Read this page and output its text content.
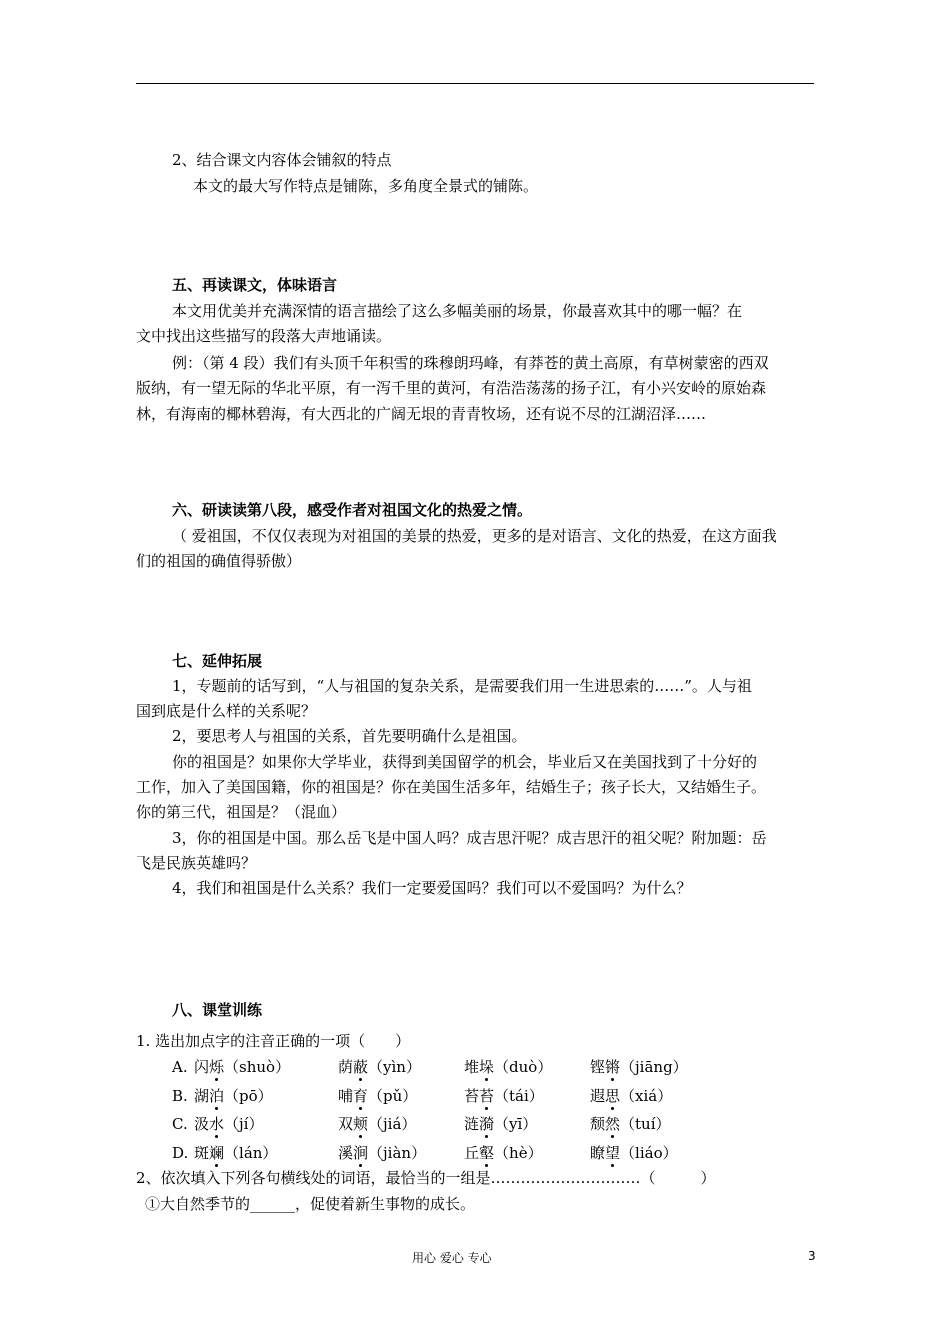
2、结合课文内容体会铺叙的特点
本文的最大写作特点是铺陈，多角度全景式的铺陈。
五、再读课文，体味语言
本文用优美并充满深情的语言描绘了这么多幅美丽的场景，你最喜欢其中的哪一幅？在
文中找出这些描写的段落大声地诵读。
例：（第 4 段）我们有头顶千年积雪的珠穆朗玛峰，有莽苍的黄土高原，有草树蒙密的西双
版纳，有一望无际的华北平原，有一泻千里的黄河，有浩浩荡荡的扬子江，有小兴安岭的原始森
林，有海南的椰林碧海，有大西北的广阔无垠的青青牧场，还有说不尽的江湖沼泽……
六、研读读第八段，感受作者对祖国文化的热爱之情。
（ 爱祖国，不仅仅表现为对祖国的美景的热爱，更多的是对语言、文化的热爱，在这方面我
们的祖国的确值得骄傲）
七、延伸拓展
1，专题前的话写到，“人与祖国的复杂关系，是需要我们用一生进思索的……”。人与祖
国到底是什么样的关系呢？
2，要思考人与祖国的关系，首先要明确什么是祖国。
你的祖国是？如果你大学毕业，获得到美国留学的机会，毕业后又在美国找到了十分好的
工作，加入了美国国籍，你的祖国是？你在美国生活多年，结婚生子；孩子长大，又结婚生子。
你的第三代，祖国是？（混血）
3，你的祖国是中国。那么岳飞是中国人吗？成吉思汗呢？成吉思汗的祖父呢？附加题：岳
飞是民族英雄吗？
4，我们和祖国是什么关系？我们一定要爱国吗？我们可以不爱国吗？为什么？
八、课堂训练
1. 选出加点字的注音正确的一项（　　）
A. 闪烁（shuò）	荫蔽（yìn）	堆垛（duò）	铿锵（jiāng）
B. 湖泊（pō）	哺育（pǔ）	苔苔（tái）	遐思（xiá）
C. 汲水（jí）	双颊（jiá）	涟漪（yī）	颓然（tuí）
D. 斑斓（lán）	溪涧（jiàn）	丘壑（hè）	瞭望（liáo）
2、依次填入下列各句横线处的词语，最恰当的一组是…………………………（　　　）
①大自然季节的______，促使着新生事物的成长。
用心 爱心 专心	3
